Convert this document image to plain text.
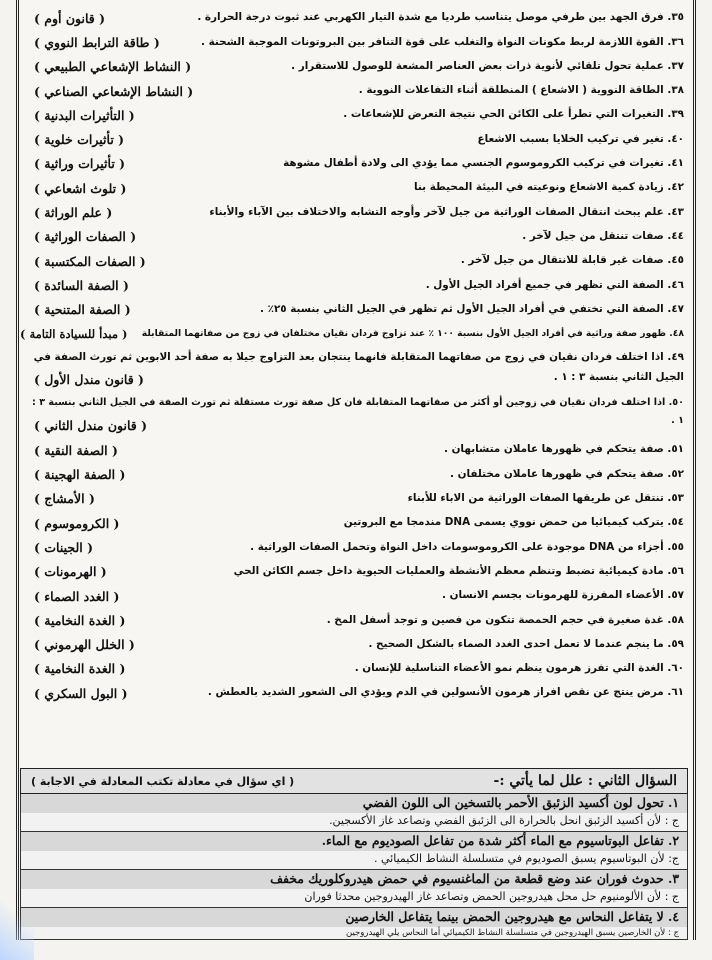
٣٥. فرق الجهد بين طرفي موصل يتناسب طرديا مع شدة التيار الكهربي عند ثبوت درجة الحرارة .
( قانون أوم )
٣٦. القوة اللازمة لربط مكونات النواة والتغلب على قوة التنافر بين البروتونات الموجبة الشحنة .
( طاقة الترابط النووي )
٣٧. عملية تحول تلقائي لأنوية ذرات بعض العناصر المشعة للوصول للاستقرار .
( النشاط الإشعاعي الطبيعي )
٣٨. الطاقة النووية ( الاشعاع ) المنطلقة أثناء التفاعلات النووية .
( النشاط الإشعاعي الصناعي )
٣٩. التغيرات التي تطرأ على الكائن الحي نتيجة التعرض للإشعاعات .
( التأثيرات البدنية )
٤٠. تغير في تركيب الخلايا بسبب الاشعاع
( تأثيرات خلوية )
٤١. تغيرات في تركيب الكروموسوم الجنسي مما يؤدي الى ولادة أطفال مشوهة
( تأثيرات وراثية )
٤٢. زيادة كمية الاشعاع ونوعيته في البيئة المحيطة بنا
( تلوث اشعاعي )
٤٣. علم يبحث انتقال الصفات الوراثية من جيل لآخر وأوجه التشابه والاختلاف بين الآباء والأبناء
( علم الوراثة )
٤٤. صفات تنتقل من جيل لآخر .
( الصفات الوراثية )
٤٥. صفات غير قابلة للانتقال من جيل لآخر .
( الصفات المكتسبة )
٤٦. الصفة التي تظهر في جميع أفراد الجيل الأول .
( الصفة السائدة )
٤٧. الصفة التي تختفي في أفراد الجيل الأول ثم تظهر في الجيل الثاني بنسبة ٢٥٪ .
( الصفة المتنحية )
٤٨. ظهور صفة وراثية في أفراد الجيل الأول بنسبة ١٠٠ ٪ عند تزاوج فردان نقيان مختلفان في زوج من صفاتهما المتقابلة
( مبدأ للسيادة التامة )
٤٩. اذا اختلف فردان نقيان في زوج من صفاتهما المتقابلة فانهما ينتجان بعد التزاوج جيلا به صفة أحد الابوين ثم تورث الصفة في الجيل الثاني بنسبة ٣ : ١ .
( قانون مندل الأول )
٥٠. اذا اختلف فردان نقيان في زوجين أو أكثر من صفاتهما المتقابلة فان كل صفة تورث مستقلة ثم تورث الصفة في الجيل الثاني بنسبة ٣ : ١ .
( قانون مندل الثاني )
٥١. صفة يتحكم في ظهورها عاملان متشابهان .
( الصفة النقية )
٥٢. صفة يتحكم في ظهورها عاملان مختلفان .
( الصفة الهجينة )
٥٣. تنتقل عن طريقها الصفات الوراثية من الاباء للأبناء
( الأمشاج )
٥٤. يتركب كيميائيا من حمض نووي يسمى DNA مندمجا مع البروتين
( الكروموسوم )
٥٥. أجزاء من DNA موجودة على الكروموسومات داخل النواة وتحمل الصفات الوراثية .
( الجينات )
٥٦. مادة كيميائية تضبط وتنظم معظم الأنشطة والعمليات الحيوية داخل جسم الكائن الحي
( الهرمونات )
٥٧. الأعضاء المفرزة للهرمونات بجسم الانسان .
( الغدد الصماء )
٥٨. غدة صغيرة في حجم الحمصة تتكون من فصين و توجد أسفل المخ .
( الغدة النخامية )
٥٩. ما ينجم عندما لا تعمل احدى الغدد الصماء بالشكل الصحيح .
( الخلل الهرموني )
٦٠. الغدة التي تفرز هرمون ينظم نمو الأعضاء التناسلية للإنسان .
( الغدة النخامية )
٦١. مرض ينتج عن نقص افراز هرمون الأنسولين في الدم ويؤدي الى الشعور الشديد بالعطش .
( البول السكري )
السؤال الثاني : علل لما يأتي :-
( اي سؤال في معادلة تكتب المعادلة في الاجابة )
١. تحول لون أكسيد الزئبق الأحمر بالتسخين الى اللون الفضي
ج : لأن أكسيد الزئبق انحل بالحرارة الى الزئبق الفضي وتصاعد غاز الأكسجين.
٢. تفاعل البوتاسيوم مع الماء أكثر شدة من تفاعل الصوديوم مع الماء.
ج: لأن البوتاسيوم يسبق الصوديوم في متسلسلة النشاط الكيميائي .
٣. حدوث فوران عند وضع قطعة من الماغنسيوم في حمض هيدروكلوريك مخفف
ج : لأن الألومنيوم حل محل هيدروجين الحمض وتصاعد غاز الهيدروجين محدثا فوران
٤. لا يتفاعل النحاس مع هيدروجين الحمض بينما يتفاعل الخارصين
ج : لأن الخارصين يسبق الهيدروجين في متسلسلة النشاط الكيميائي أما النحاس يلي الهيدروجين
